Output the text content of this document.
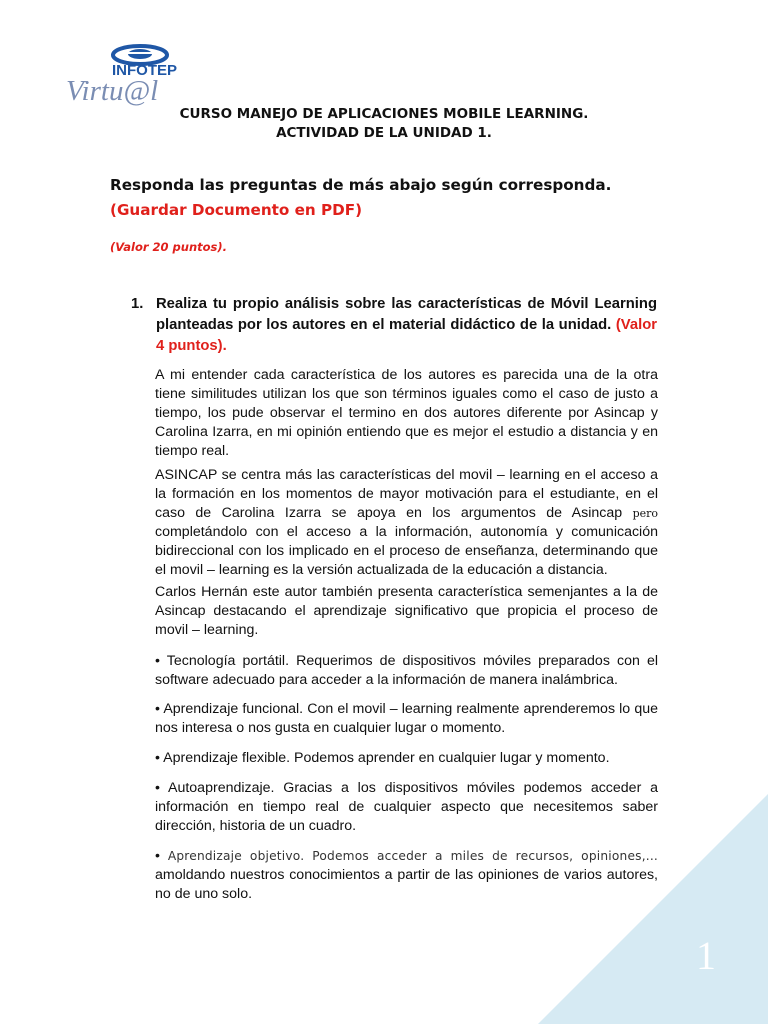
INFOTEP
Virtu@l
CURSO MANEJO DE APLICACIONES MOBILE LEARNING.
ACTIVIDAD DE LA UNIDAD 1.
Responda las preguntas de más abajo según corresponda. (Guardar Documento en PDF)
(Valor 20 puntos).
1. Realiza tu propio análisis sobre las características de Móvil Learning planteadas por los autores en el material didáctico de la unidad. (Valor 4 puntos).
A mi entender cada característica de los autores es parecida una de la otra tiene similitudes utilizan los que son términos iguales como el caso de justo a tiempo, los pude observar el termino en dos autores diferente por Asincap y Carolina Izarra, en mi opinión entiendo que es mejor el estudio a distancia y en tiempo real.
ASINCAP se centra más las características del movil – learning en el acceso a la formación en los momentos de mayor motivación para el estudiante, en el caso de Carolina Izarra se apoya en los argumentos de Asincap pero completándolo con el acceso a la información, autonomía y comunicación bidireccional con los implicado en el proceso de enseñanza, determinando que el movil – learning es la versión actualizada de la educación a distancia.
Carlos Hernán este autor también presenta característica semenjantes a la de Asincap destacando el aprendizaje significativo que propicia el proceso de movil – learning.
• Tecnología portátil. Requerimos de dispositivos móviles preparados con el software adecuado para acceder a la información de manera inalámbrica.
• Aprendizaje funcional. Con el movil – learning realmente aprenderemos lo que nos interesa o nos gusta en cualquier lugar o momento.
• Aprendizaje flexible. Podemos aprender en cualquier lugar y momento.
• Autoaprendizaje. Gracias a los dispositivos móviles podemos acceder a información en tiempo real de cualquier aspecto que necesitemos saber dirección, historia de un cuadro.
• Aprendizaje objetivo. Podemos acceder a miles de recursos, opiniones,... amoldando nuestros conocimientos a partir de las opiniones de varios autores, no de uno solo.
1
